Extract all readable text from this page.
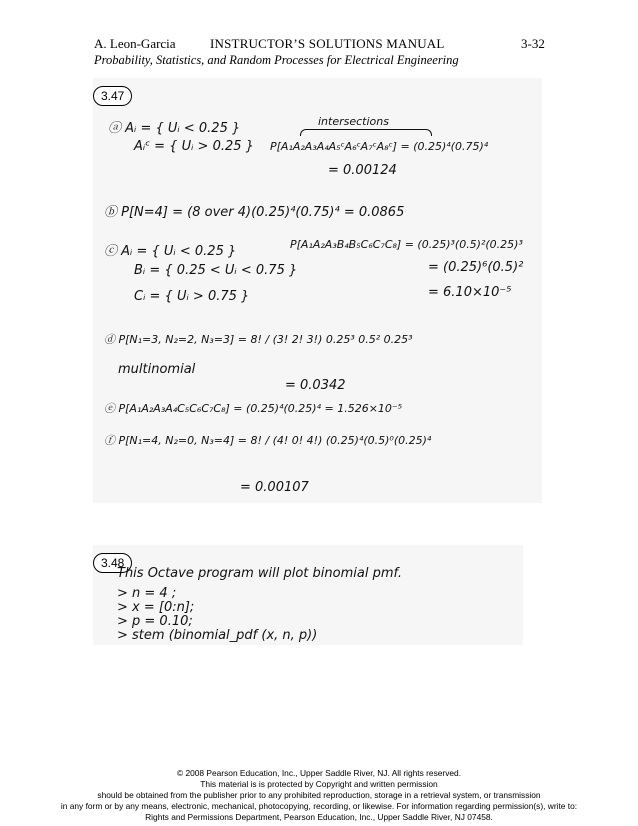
A. Leon-Garcia	INSTRUCTOR’S SOLUTIONS MANUAL	3-32
Probability, Statistics, and Random Processes for Electrical Engineering
3.47
ⓐ Aᵢ = { Uᵢ < 0.25 }
Aᵢᶜ = { Uᵢ > 0.25 } P[A₁A₂A₃A₄A₅ᶜA₆ᶜA₇ᶜA₈ᶜ] = (0.25)⁴(0.75)⁴
intersections
= 0.00124
ⓑ P[N=4] = (8 over 4)(0.25)⁴(0.75)⁴ = 0.0865
ⓒ Aᵢ = { Uᵢ < 0.25 }
Bᵢ = { 0.25 < Uᵢ < 0.75 }
Cᵢ = { Uᵢ > 0.75 }
P[A₁A₂A₃B₄B₅C₆C₇C₈] = (0.25)³(0.5)²(0.25)³
= (0.25)⁶(0.5)²
= 6.10×10⁻⁵
ⓓ P[N₁=3, N₂=2, N₃=3] = 8! / (3! 2! 3!) 0.25³ 0.5² 0.25³
multinomial
= 0.0342
ⓔ P[A₁A₂A₃A₄C₅C₆C₇C₈] = (0.25)⁴(0.25)⁴ = 1.526×10⁻⁵
ⓕ P[N₁=4, N₂=0, N₃=4] = 8! / (4! 0! 4!) (0.25)⁴(0.5)⁰(0.25)⁴
= 0.00107
3.48
This Octave program will plot binomial pmf.
> n = 4 ;
> x = [0:n];
> p = 0.10;
> stem (binomial_pdf (x, n, p))
© 2008 Pearson Education, Inc., Upper Saddle River, NJ. All rights reserved.
This material is is protected by Copyright and written permission
should be obtained from the publisher prior to any prohibited reproduction, storage in a retrieval system, or transmission
in any form or by any means, electronic, mechanical, photocopying, recording, or likewise. For information regarding permission(s), write to:
Rights and Permissions Department, Pearson Education, Inc., Upper Saddle River, NJ 07458.
